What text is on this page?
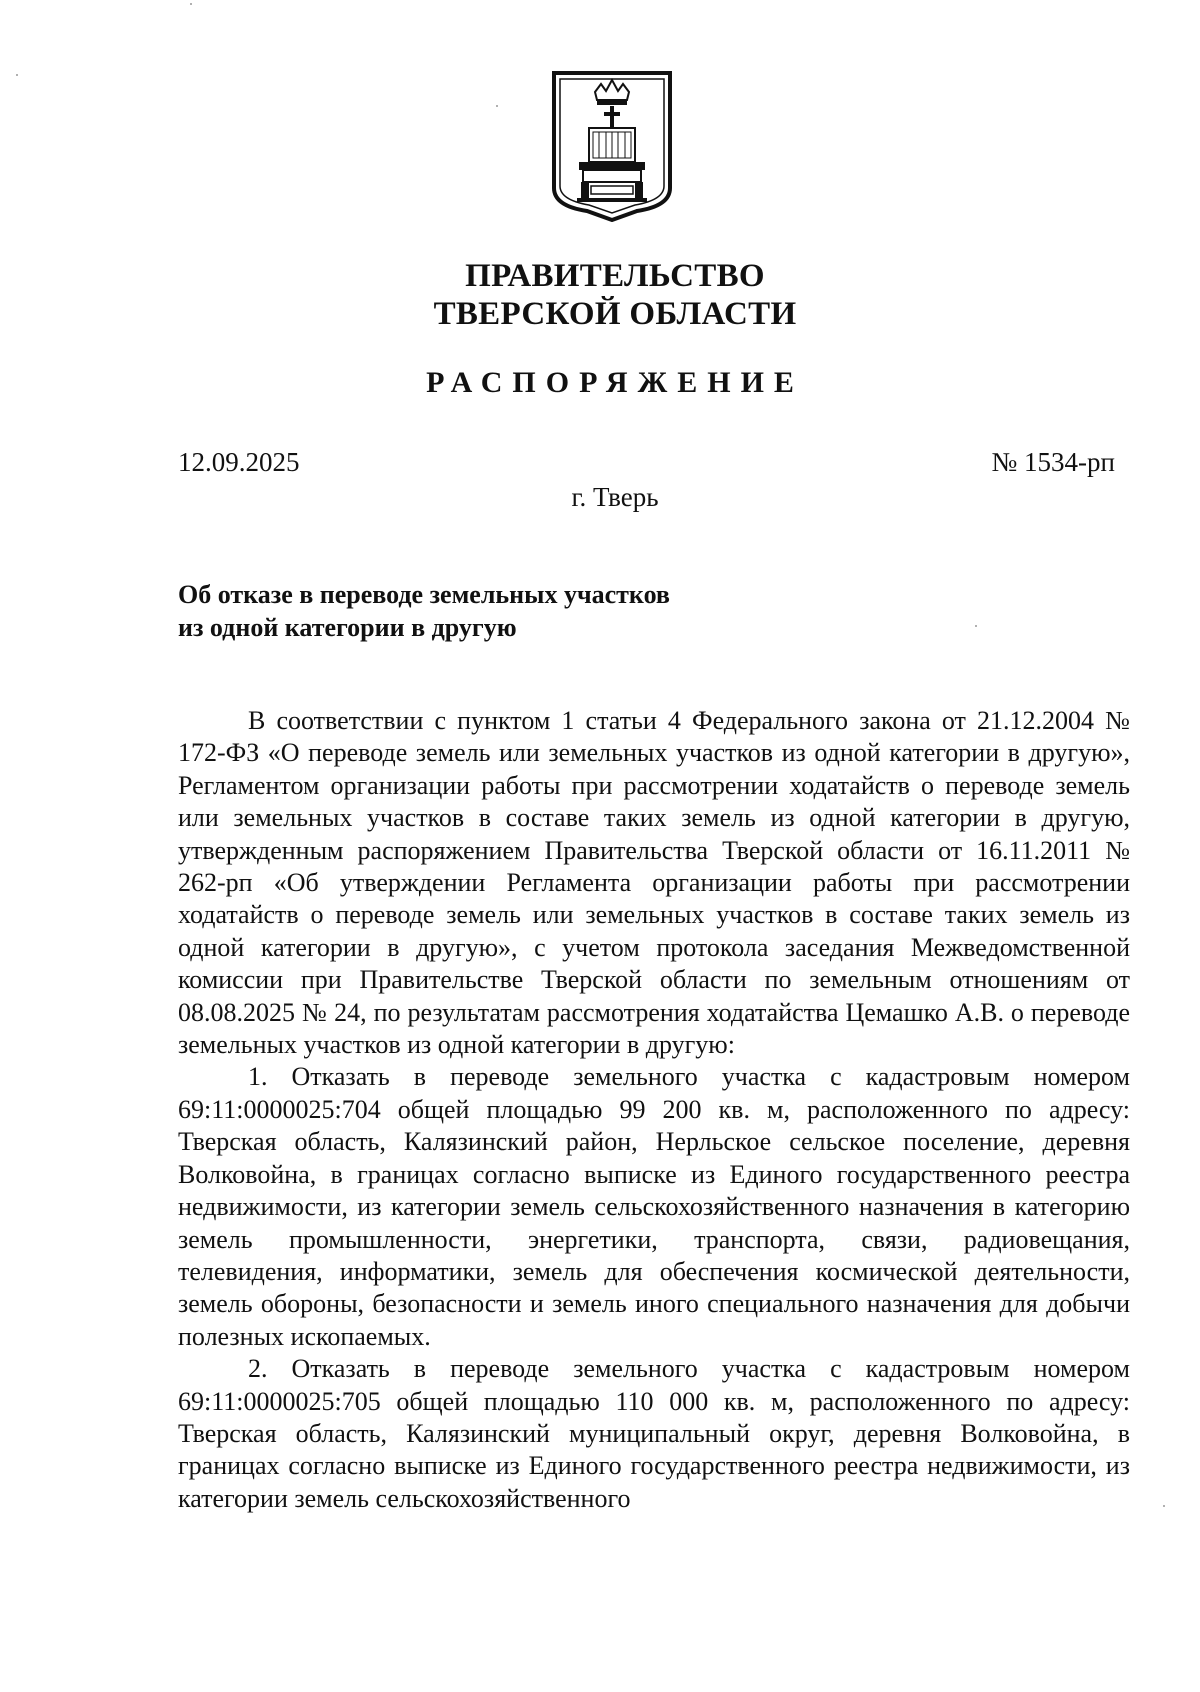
ПРАВИТЕЛЬСТВО
ТВЕРСКОЙ ОБЛАСТИ
РАСПОРЯЖЕНИЕ
12.09.2025	№ 1534-рп
г. Тверь
Об отказе в переводе земельных участков
из одной категории в другую

В соответствии с пунктом 1 статьи 4 Федерального закона от 21.12.2004 № 172-ФЗ «О переводе земель или земельных участков из одной категории в другую», Регламентом организации работы при рассмотрении ходатайств о переводе земель или земельных участков в составе таких земель из одной категории в другую, утвержденным распоряжением Правительства Тверской области от 16.11.2011 № 262-рп «Об утверждении Регламента организации работы при рассмотрении ходатайств о переводе земель или земельных участков в составе таких земель из одной категории в другую», с учетом протокола заседания Межведомственной комиссии при Правительстве Тверской области по земельным отношениям от 08.08.2025 № 24, по результатам рассмотрения ходатайства Цемашко А.В. о переводе земельных участков из одной категории в другую:

1. Отказать в переводе земельного участка с кадастровым номером 69:11:0000025:704 общей площадью 99 200 кв. м, расположенного по адресу: Тверская область, Калязинский район, Нерльское сельское поселение, деревня Волковойна, в границах согласно выписке из Единого государственного реестра недвижимости, из категории земель сельскохозяйственного назначения в категорию земель промышленности, энергетики, транспорта, связи, радиовещания, телевидения, информатики, земель для обеспечения космической деятельности, земель обороны, безопасности и земель иного специального назначения для добычи полезных ископаемых.

2. Отказать в переводе земельного участка с кадастровым номером 69:11:0000025:705 общей площадью 110 000 кв. м, расположенного по адресу: Тверская область, Калязинский муниципальный округ, деревня Волковойна, в границах согласно выписке из Единого государственного реестра недвижимости, из категории земель сельскохозяйственного
